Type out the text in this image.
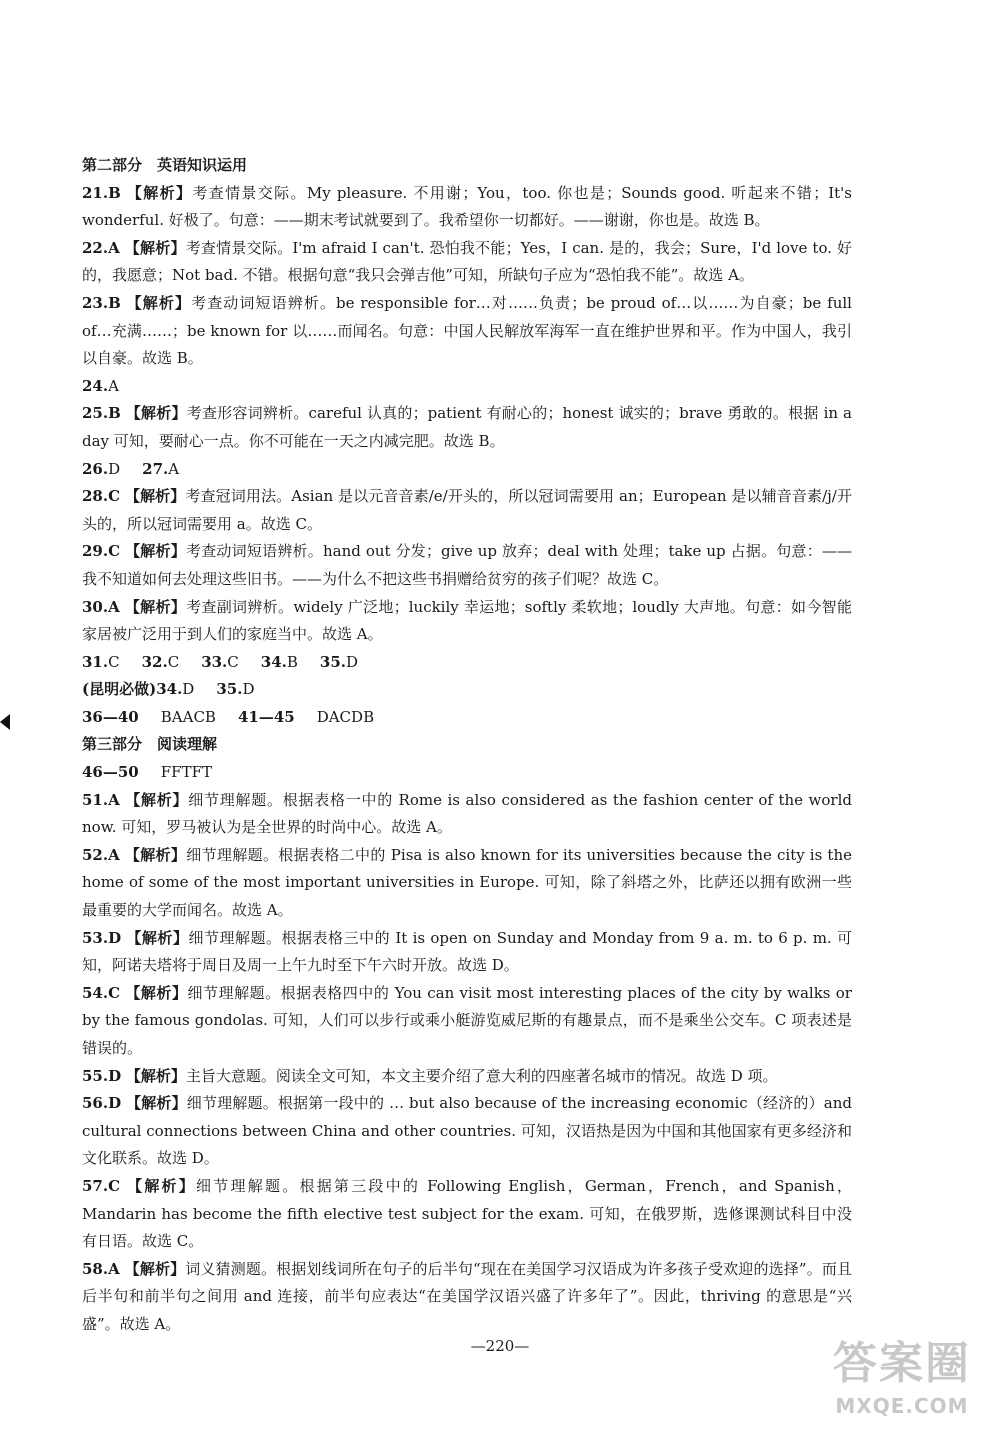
第二部分　英语知识运用

21.B 【解析】考查情景交际。My pleasure. 不用谢；You，too. 你也是；Sounds good. 听起来不错；It's wonderful. 好极了。句意：——期末考试就要到了。我希望你一切都好。——谢谢，你也是。故选 B。

22.A 【解析】考查情景交际。I'm afraid I can't. 恐怕我不能；Yes，I can. 是的，我会；Sure，I'd love to. 好的，我愿意；Not bad. 不错。根据句意“我只会弹吉他”可知，所缺句子应为“恐怕我不能”。故选 A。

23.B 【解析】考查动词短语辨析。be responsible for…对……负责；be proud of…以……为自豪；be full of…充满……；be known for 以……而闻名。句意：中国人民解放军海军一直在维护世界和平。作为中国人，我引以自豪。故选 B。

24.A

25.B 【解析】考查形容词辨析。careful 认真的；patient 有耐心的；honest 诚实的；brave 勇敢的。根据 in a day 可知，要耐心一点。你不可能在一天之内减完肥。故选 B。

26.D 27.A

28.C 【解析】考查冠词用法。Asian 是以元音音素/e/开头的，所以冠词需要用 an；European 是以辅音音素/j/开头的，所以冠词需要用 a。故选 C。

29.C 【解析】考查动词短语辨析。hand out 分发；give up 放弃；deal with 处理；take up 占据。句意：——我不知道如何去处理这些旧书。——为什么不把这些书捐赠给贫穷的孩子们呢？故选 C。

30.A 【解析】考查副词辨析。widely 广泛地；luckily 幸运地；softly 柔软地；loudly 大声地。句意：如今智能家居被广泛用于到人们的家庭当中。故选 A。

31.C 32.C 33.C 34.B 35.D

(昆明必做)34.D 35.D

36—40 BAACB 41—45 DACDB

第三部分　阅读理解

46—50 FFTFT

51.A 【解析】细节理解题。根据表格一中的 Rome is also considered as the fashion center of the world now. 可知，罗马被认为是全世界的时尚中心。故选 A。

52.A 【解析】细节理解题。根据表格二中的 Pisa is also known for its universities because the city is the home of some of the most important universities in Europe. 可知，除了斜塔之外，比萨还以拥有欧洲一些最重要的大学而闻名。故选 A。

53.D 【解析】细节理解题。根据表格三中的 It is open on Sunday and Monday from 9 a. m. to 6 p. m. 可知，阿诺夫塔将于周日及周一上午九时至下午六时开放。故选 D。

54.C 【解析】细节理解题。根据表格四中的 You can visit most interesting places of the city by walks or by the famous gondolas. 可知，人们可以步行或乘小艇游览威尼斯的有趣景点，而不是乘坐公交车。C 项表述是错误的。

55.D 【解析】主旨大意题。阅读全文可知，本文主要介绍了意大利的四座著名城市的情况。故选 D 项。

56.D 【解析】细节理解题。根据第一段中的 … but also because of the increasing economic（经济的）and cultural connections between China and other countries. 可知，汉语热是因为中国和其他国家有更多经济和文化联系。故选 D。

57.C 【解析】细节理解题。根据第三段中的 Following English，German，French，and Spanish，Mandarin has become the fifth elective test subject for the exam. 可知，在俄罗斯，选修课测试科目中没有日语。故选 C。

58.A 【解析】词义猜测题。根据划线词所在句子的后半句“现在在美国学习汉语成为许多孩子受欢迎的选择”。而且后半句和前半句之间用 and 连接，前半句应表达“在美国学汉语兴盛了许多年了”。因此，thriving 的意思是“兴盛”。故选 A。

—220—	答案圈
MXQE.COM
